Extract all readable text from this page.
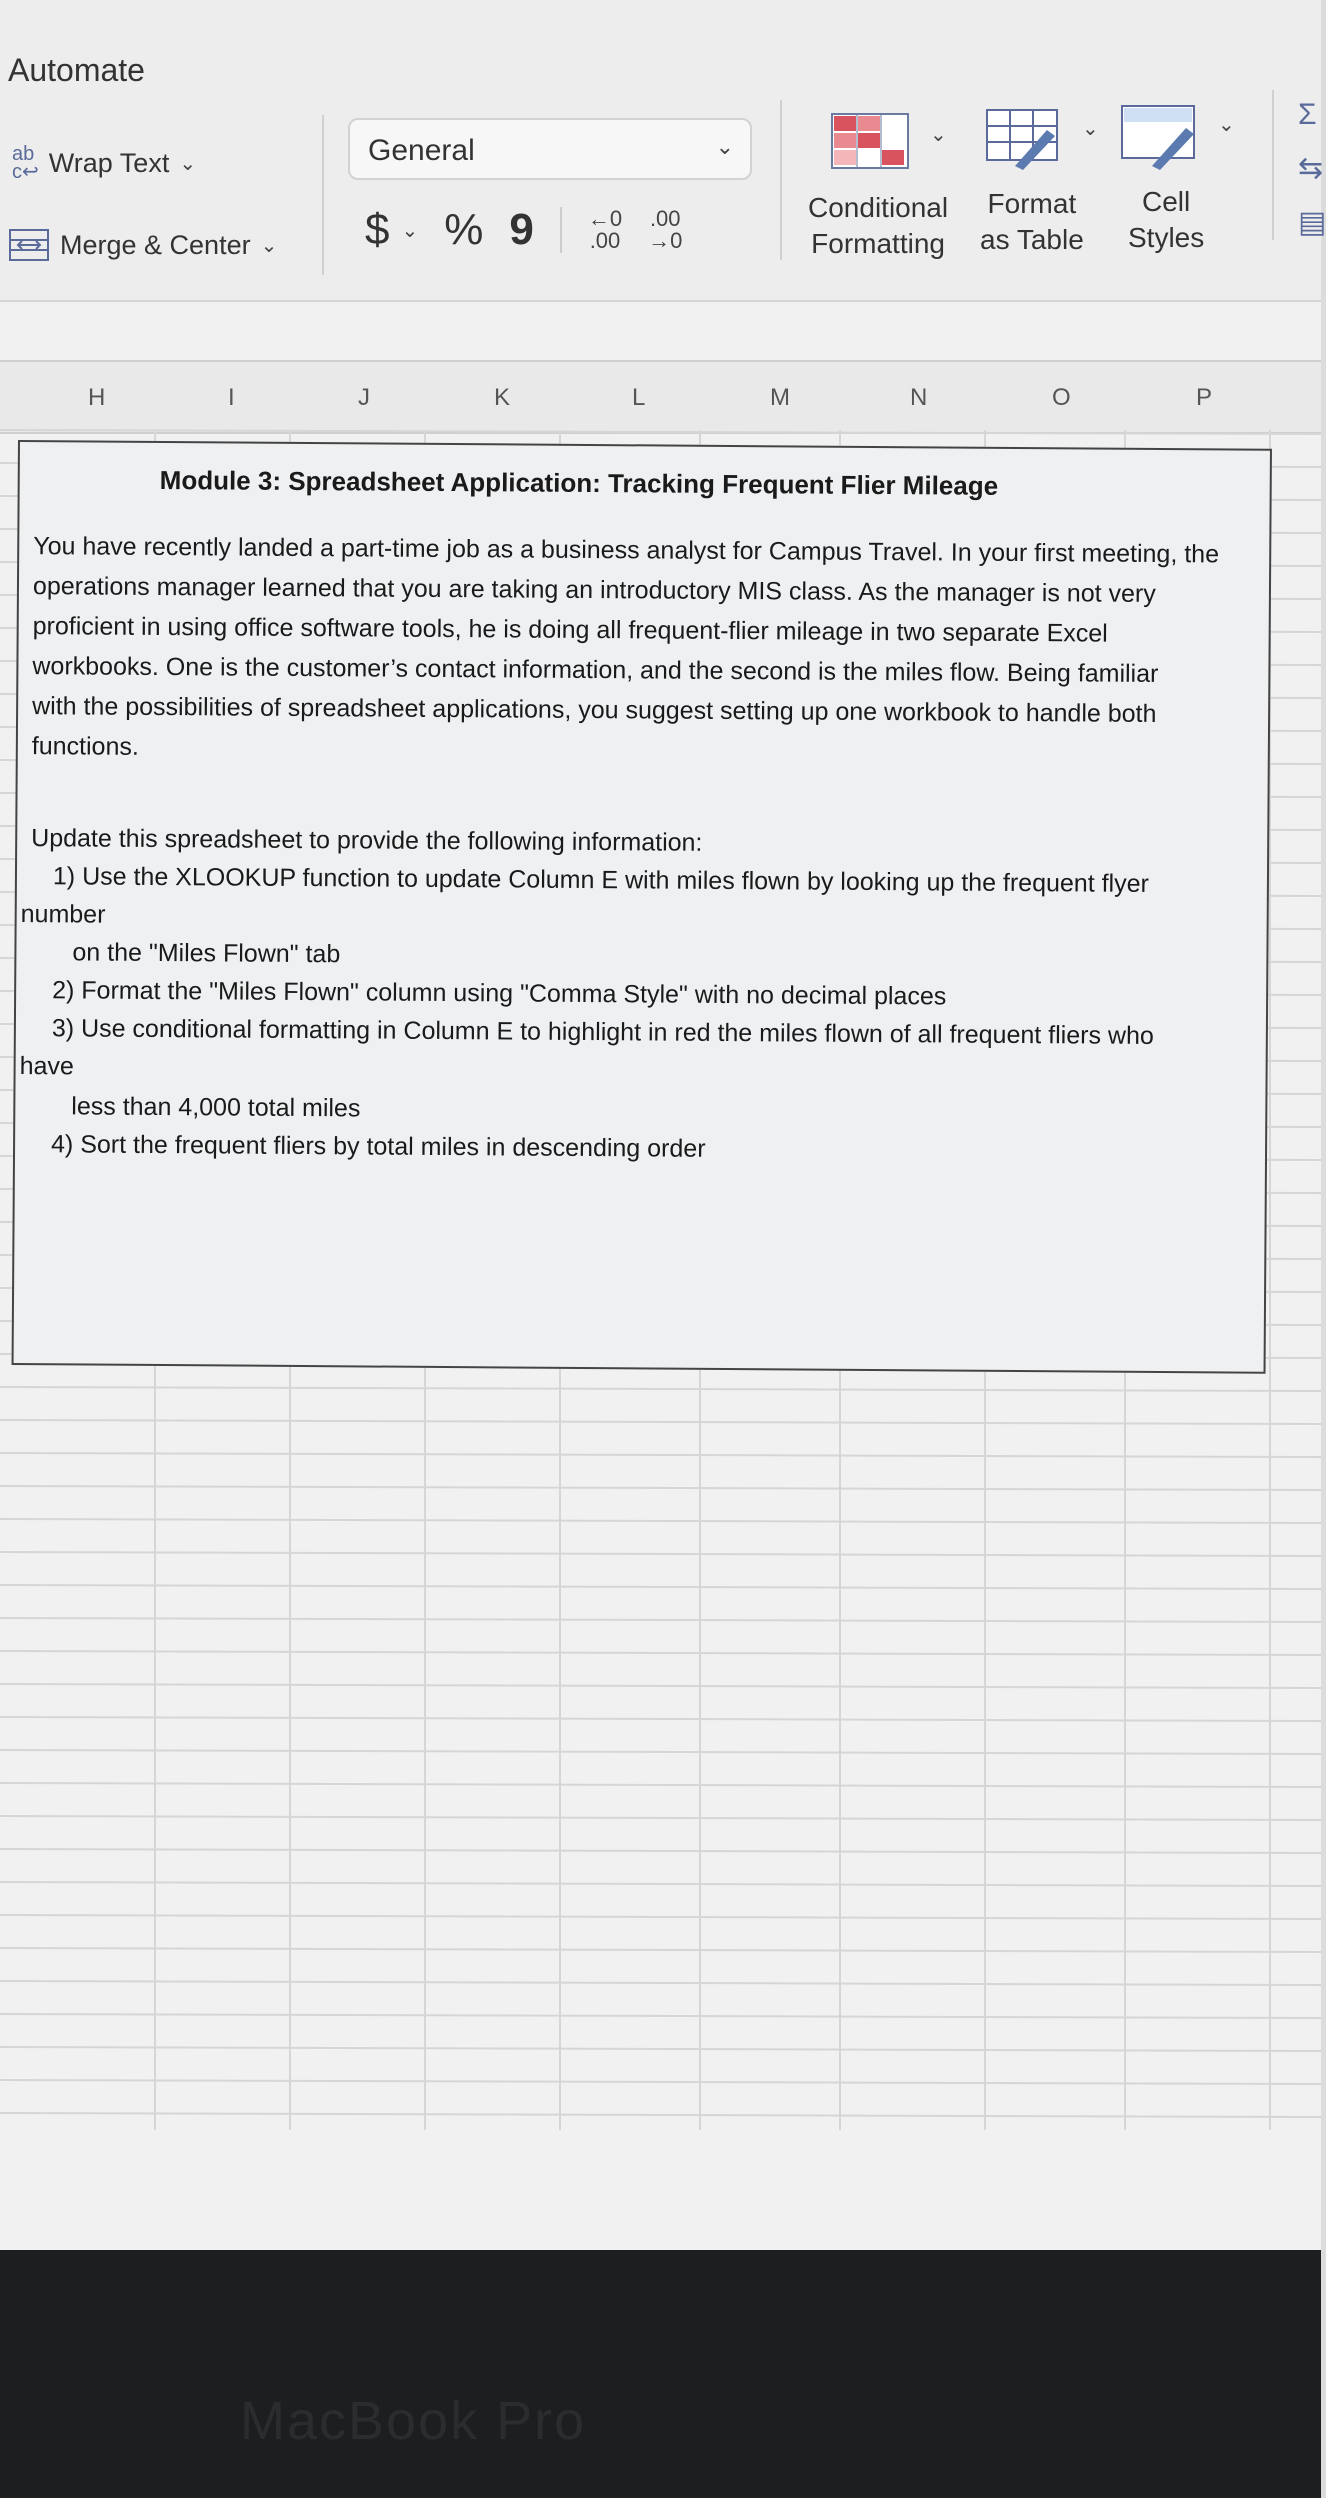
Automate
ab
c↩ Wrap Text ⌄
Merge & Center ⌄
General	⌄
$ ⌄ % 9 ←0
.00
.00
→0
⌄	⌄	⌄
Conditional
Formatting
Format
as Table
Cell
Styles
Σ
⇆
▤
H	I	J	K	L	M	N	O	P
Module 3: Spreadsheet Application: Tracking Frequent Flier Mileage
You have recently landed a part-time job as a business analyst for Campus Travel. In your first meeting, the
operations manager learned that you are taking an introductory MIS class. As the manager is not very
proficient in using office software tools, he is doing all frequent-flier mileage in two separate Excel
workbooks. One is the customer’s contact information, and the second is the miles flow. Being familiar
with the possibilities of spreadsheet applications, you suggest setting up one workbook to handle both
functions.
Update this spreadsheet to provide the following information:
1) Use the XLOOKUP function to update Column E with miles flown by looking up the frequent flyer
number
on the "Miles Flown" tab
2) Format the "Miles Flown" column using "Comma Style" with no decimal places
3) Use conditional formatting in Column E to highlight in red the miles flown of all frequent fliers who
have
less than 4,000 total miles
4) Sort the frequent fliers by total miles in descending order
MacBook Pro
